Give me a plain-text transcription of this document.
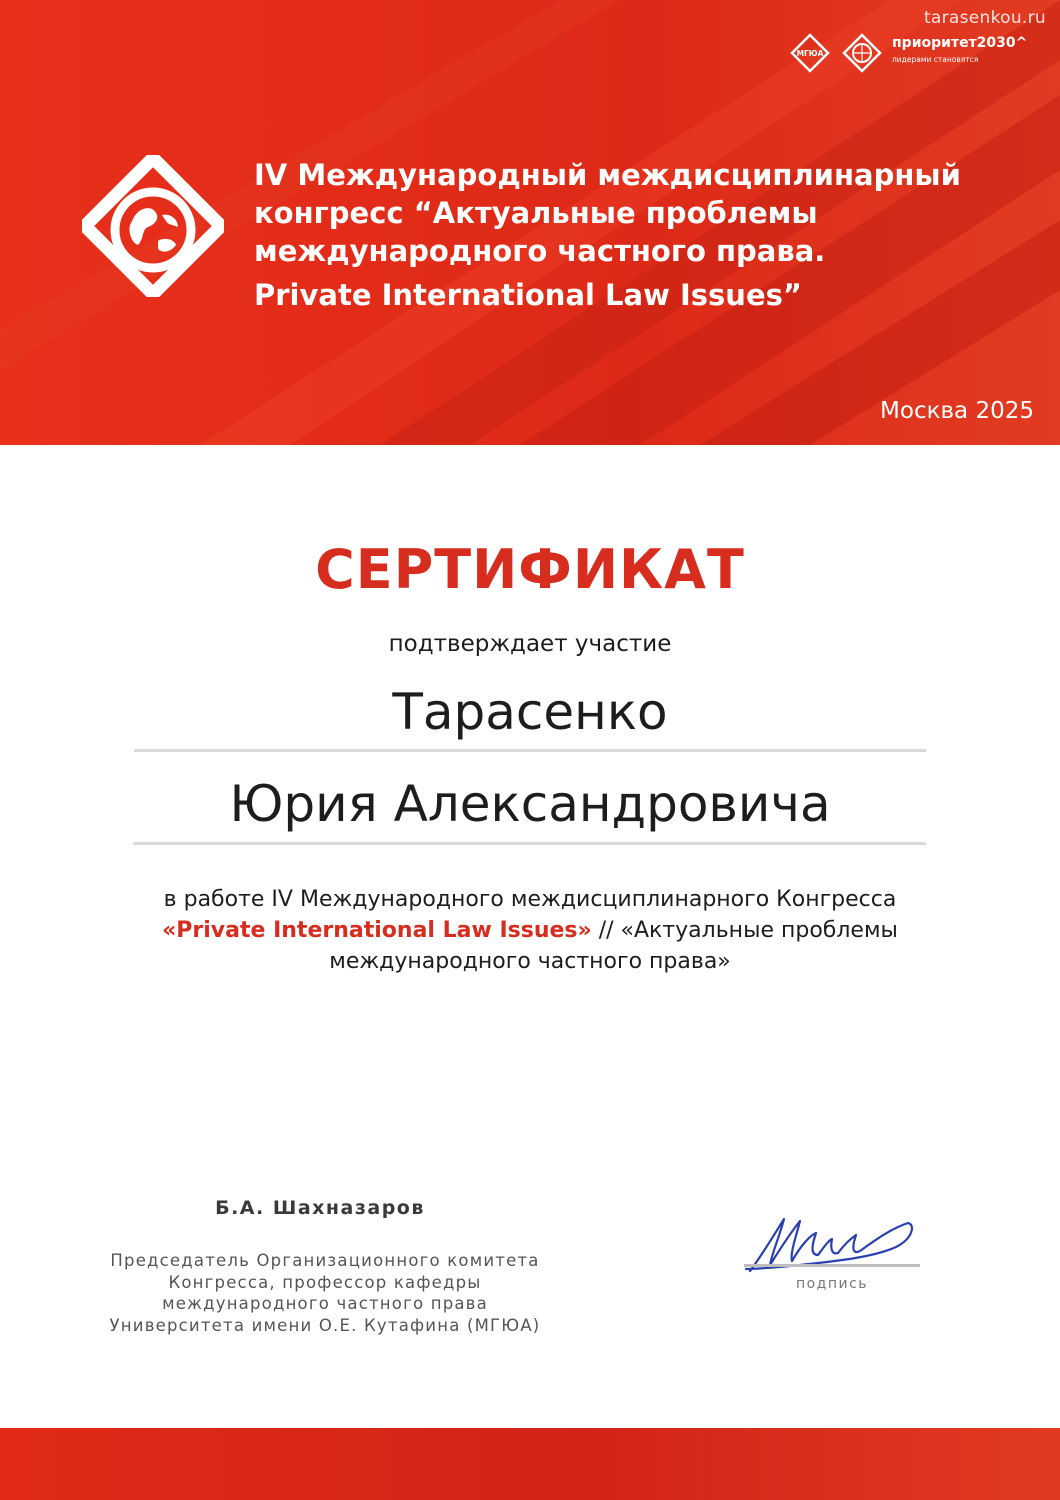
tarasenkou.ru
МГЮА
приоритет2030^
лидерами становятся
IV Международный междисциплинарный
конгресс “Актуальные проблемы
международного частного права.
Private International Law Issues”
Москва 2025
СЕРТИФИКАТ
подтверждает участие
Тарасенко
Юрия Александровича
в работе IV Международного междисциплинарного Конгресса
«Private International Law Issues» // «Актуальные проблемы
международного частного права»
Б.А. Шахназаров
Председатель Организационного комитета
Конгресса, профессор кафедры
международного частного права
Университета имени О.Е. Кутафина (МГЮА)
подпись
